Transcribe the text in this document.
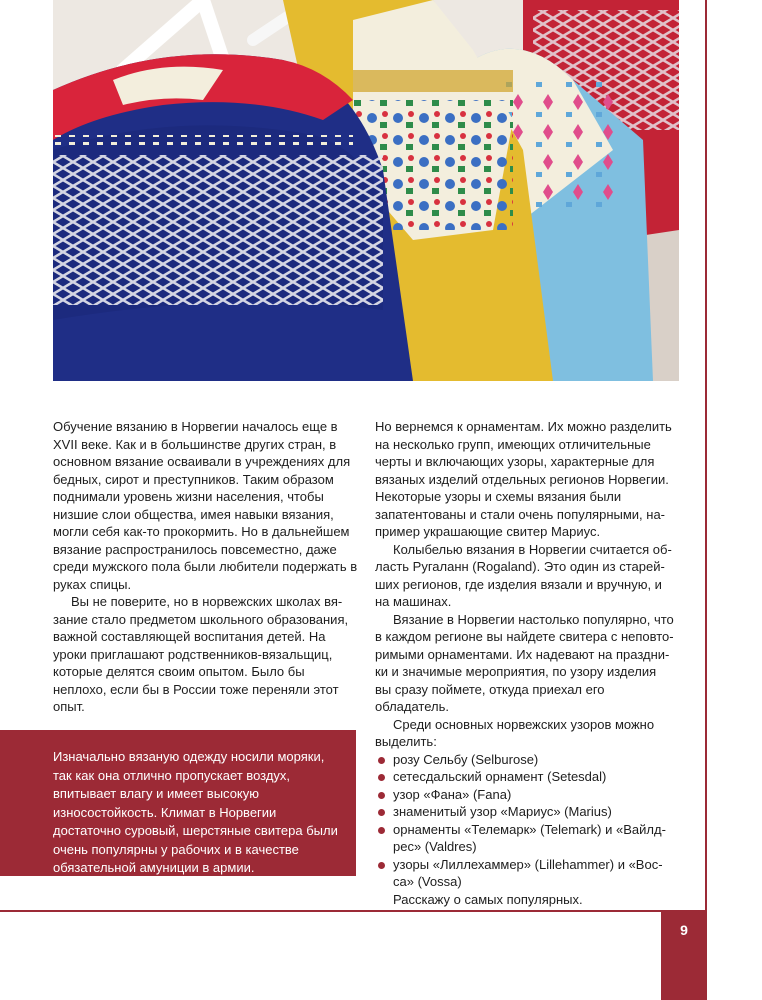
Обучение вязанию в Норвегии началось еще в XVII веке. Как и в большинстве других стран, в основном вязание осваивали в учреждениях для бедных, сирот и преступников. Таким образом поднимали уровень жизни населения, чтобы низшие слои общества, имея навыки вязания, могли себя как-то прокормить. Но в дальнейшем вязание распространилось повсеместно, даже среди мужского пола были любители подержать в руках спицы.

Вы не поверите, но в норвежских школах вязание стало предметом школьного образования, важной составляющей воспитания детей. На уроки приглашают родственников-вязальщиц, которые делятся своим опытом. Было бы неплохо, если бы в России тоже переняли этот опыт.

Но вернемся к орнаментам. Их можно разделить на несколько групп, имеющих отличительные черты и включающих узоры, характерные для вязаных изделий отдельных регионов Норвегии. Некоторые узоры и схемы вязания были запатентованы и стали очень популярными, например украшающие свитер Мариус.

Колыбелью вязания в Норвегии считается область Ругаланн (Rogaland). Это один из старейших регионов, где изделия вязали и вручную, и на машинах.

Вязание в Норвегии настолько популярно, что в каждом регионе вы найдете свитера с неповторимыми орнаментами. Их надевают на праздники и значимые мероприятия, по узору изделия вы сразу поймете, откуда приехал его обладатель.

Среди основных норвежских узоров можно выделить:

розу Сельбу (Selburose)
сетесдальский орнамент (Setesdal)
узор «Фана» (Fana)
знаменитый узор «Мариус» (Marius)
орнаменты «Телемарк» (Telemark) и «Вайлдрес» (Valdres)
узоры «Лиллехаммер» (Lillehammer) и «Восса» (Vossa)

Расскажу о самых популярных.

Изначально вязаную одежду носили моряки, так как она отлично пропускает воздух, впитывает влагу и имеет высокую износостойкость. Климат в Норвегии достаточно суровый, шерстяные свитера были очень популярны у рабочих и в качестве обязательной амуниции в армии.
9
